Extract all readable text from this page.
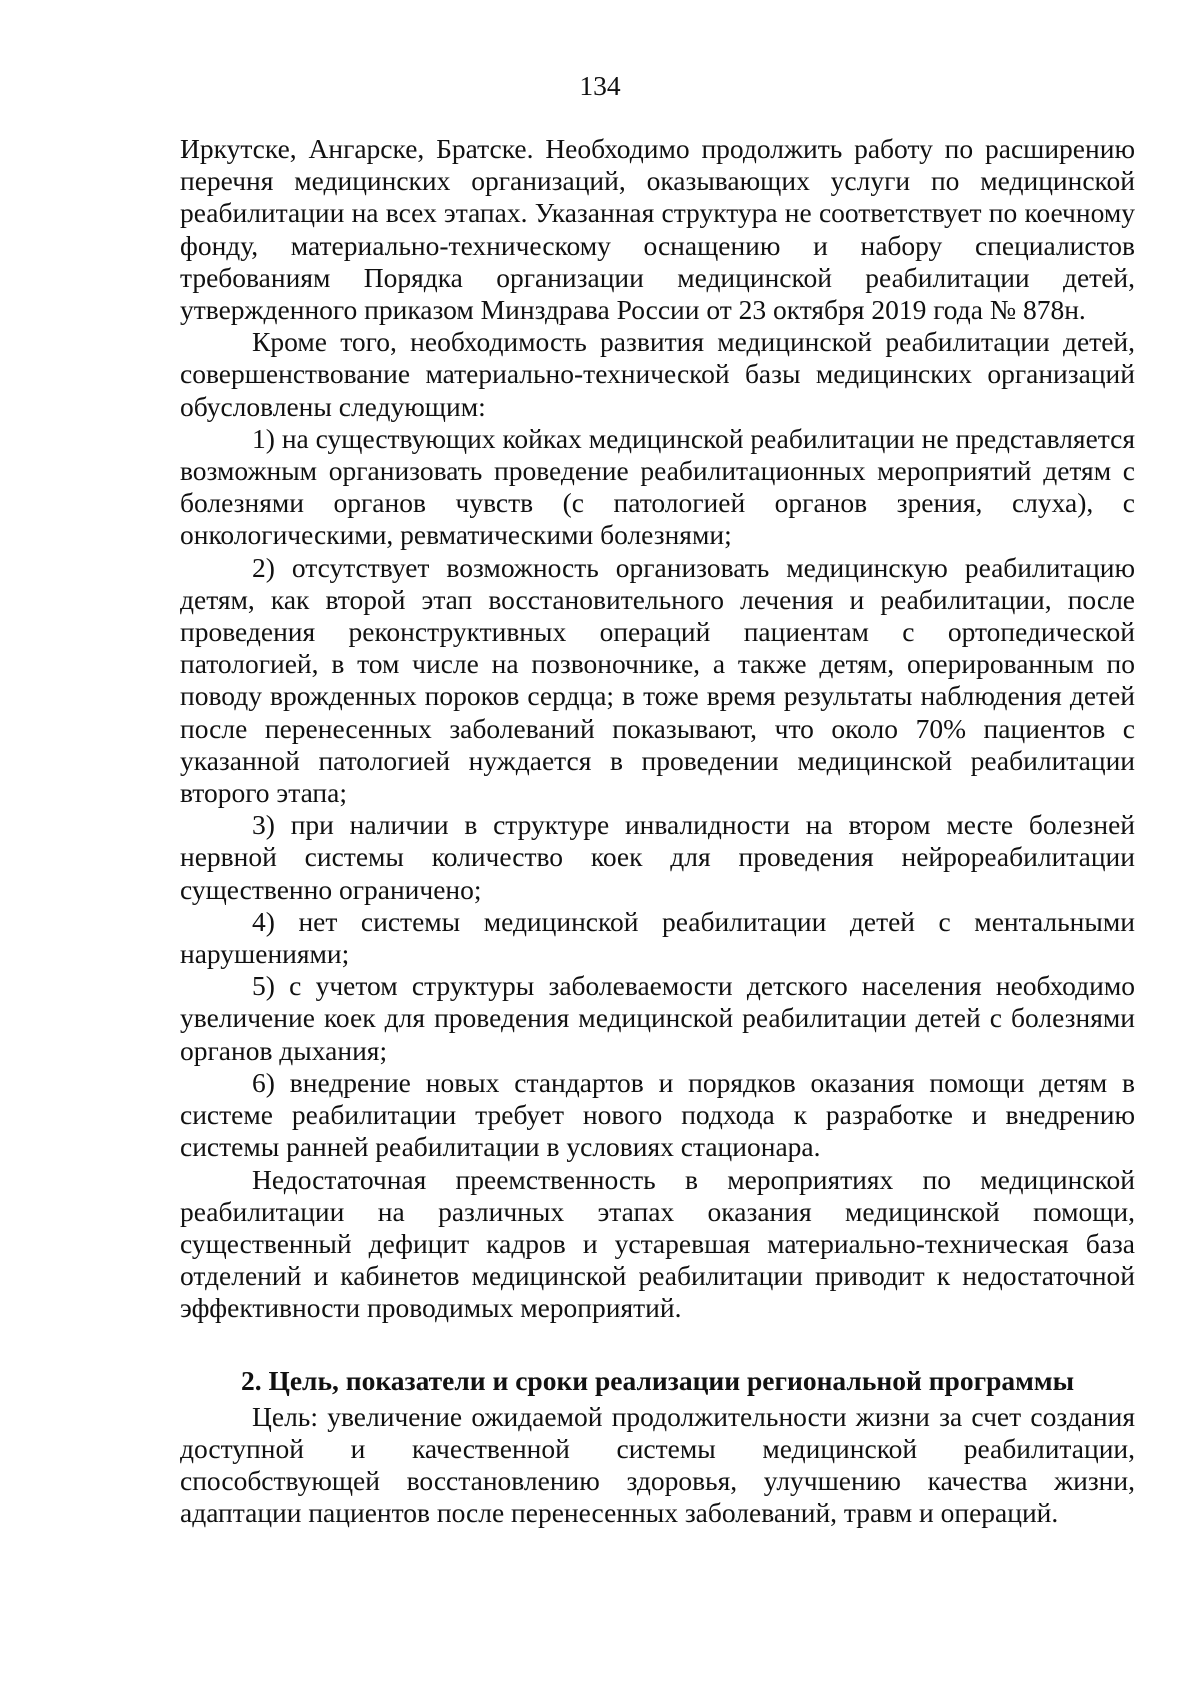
134

Иркутске, Ангарске, Братске. Необходимо продолжить работу по расширению перечня медицинских организаций, оказывающих услуги по медицинской реабилитации на всех этапах. Указанная структура не соответствует по коечному фонду, материально-техническому оснащению и набору специалистов требованиям Порядка организации медицинской реабилитации детей, утвержденного приказом Минздрава России от 23 октября 2019 года № 878н.

Кроме того, необходимость развития медицинской реабилитации детей, совершенствование материально-технической базы медицинских организаций обусловлены следующим:

1) на существующих койках медицинской реабилитации не представляется возможным организовать проведение реабилитационных мероприятий детям с болезнями органов чувств (с патологией органов зрения, слуха), с онкологическими, ревматическими болезнями;

2) отсутствует возможность организовать медицинскую реабилитацию детям, как второй этап восстановительного лечения и реабилитации, после проведения реконструктивных операций пациентам с ортопедической патологией, в том числе на позвоночнике, а также детям, оперированным по поводу врожденных пороков сердца; в тоже время результаты наблюдения детей после перенесенных заболеваний показывают, что около 70% пациентов с указанной патологией нуждается в проведении медицинской реабилитации второго этапа;

3) при наличии в структуре инвалидности на втором месте болезней нервной системы количество коек для проведения нейрореабилитации существенно ограничено;

4) нет системы медицинской реабилитации детей с ментальными нарушениями;

5) с учетом структуры заболеваемости детского населения необходимо увеличение коек для проведения медицинской реабилитации детей с болезнями органов дыхания;

6) внедрение новых стандартов и порядков оказания помощи детям в системе реабилитации требует нового подхода к разработке и внедрению системы ранней реабилитации в условиях стационара.

Недостаточная преемственность в мероприятиях по медицинской реабилитации на различных этапах оказания медицинской помощи, существенный дефицит кадров и устаревшая материально-техническая база отделений и кабинетов медицинской реабилитации приводит к недостаточной эффективности проводимых мероприятий.

2. Цель, показатели и сроки реализации региональной программы

Цель: увеличение ожидаемой продолжительности жизни за счет создания доступной и качественной системы медицинской реабилитации, способствующей восстановлению здоровья, улучшению качества жизни, адаптации пациентов после перенесенных заболеваний, травм и операций.
